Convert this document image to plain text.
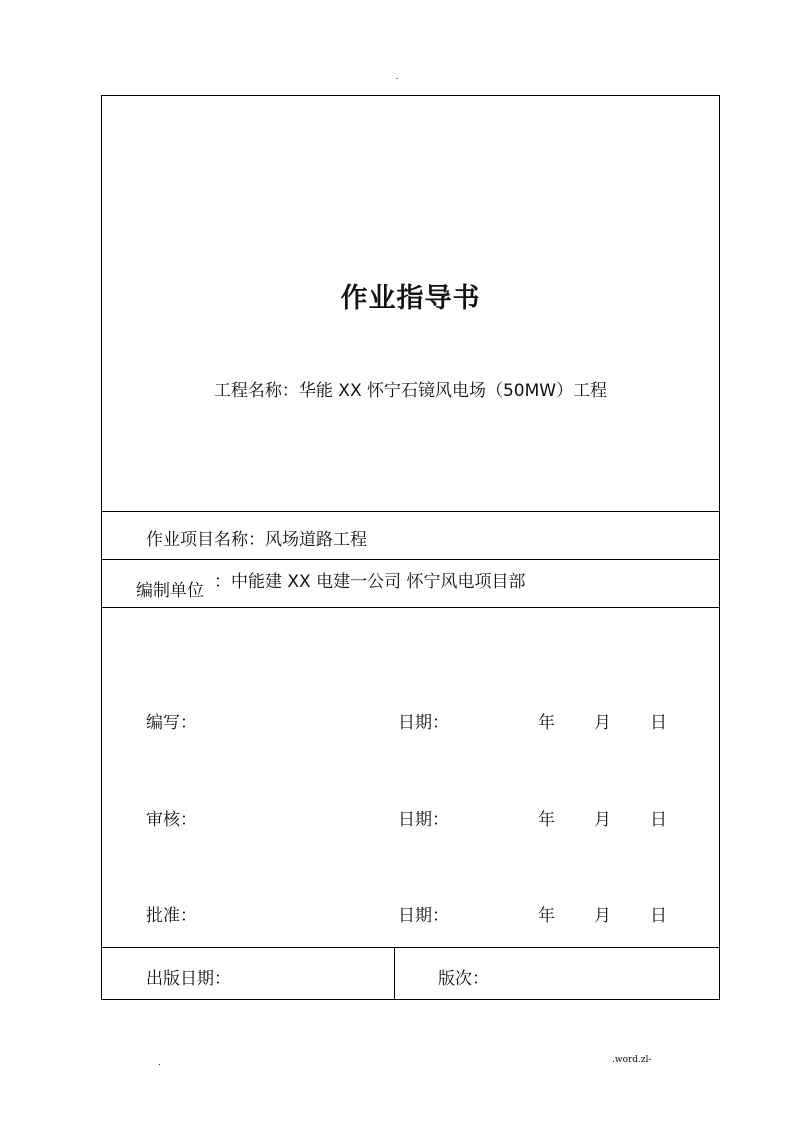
.
作业指导书
工程名称：华能 XX 怀宁石镜风电场（50MW）工程
作业项目名称：风场道路工程
编制单位 ：中能建 XX 电建一公司 怀宁风电项目部
编写：	日期：	年 月 日
审核：	日期：	年 月 日
批准：	日期：	年 月 日
出版日期：	版次：
.	.word.zl-
